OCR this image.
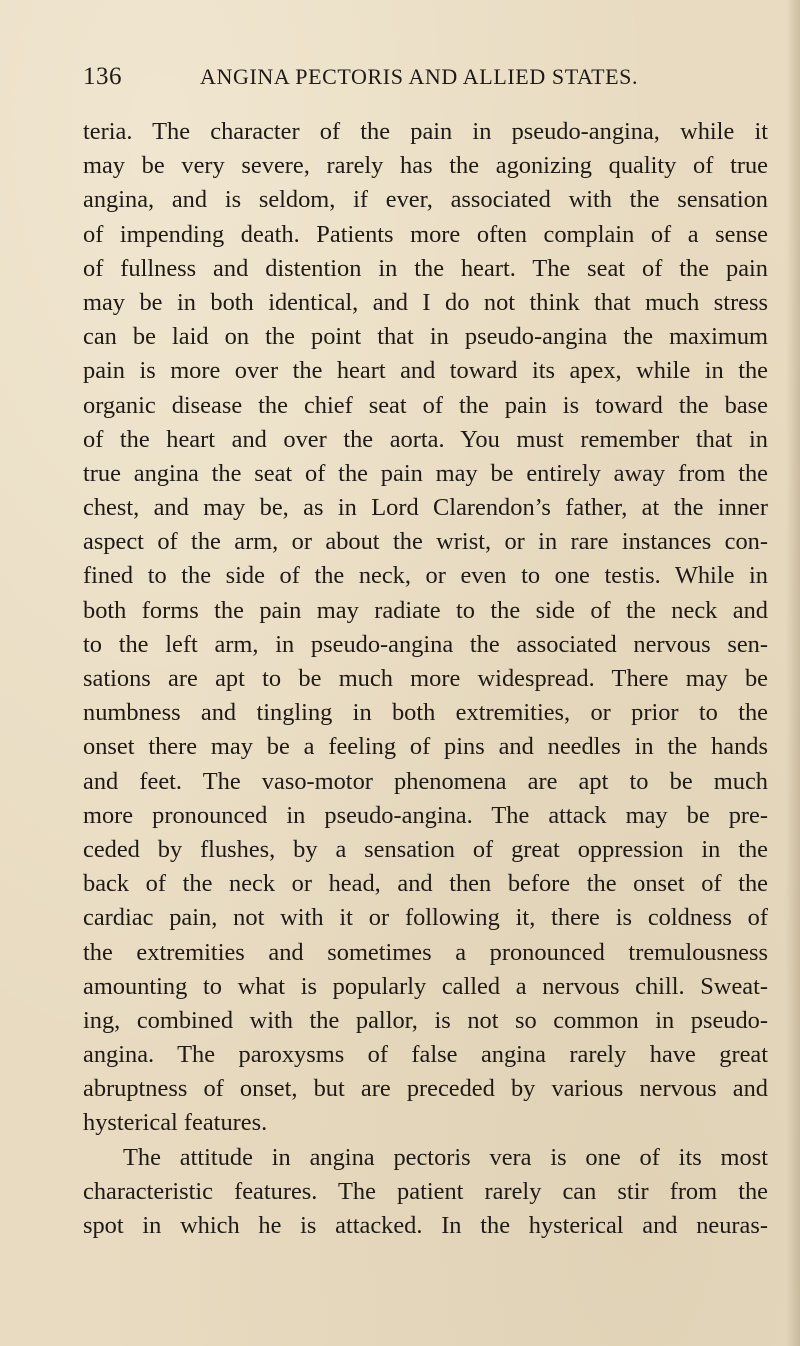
136	ANGINA PECTORIS AND ALLIED STATES.
teria. The character of the pain in pseudo-angina, while it
may be very severe, rarely has the agonizing quality of true
angina, and is seldom, if ever, associated with the sensation
of impending death. Patients more often complain of a sense
of fullness and distention in the heart. The seat of the pain
may be in both identical, and I do not think that much stress
can be laid on the point that in pseudo-angina the maximum
pain is more over the heart and toward its apex, while in the
organic disease the chief seat of the pain is toward the base
of the heart and over the aorta. You must remember that in
true angina the seat of the pain may be entirely away from the
chest, and may be, as in Lord Clarendon’s father, at the inner
aspect of the arm, or about the wrist, or in rare instances con-
fined to the side of the neck, or even to one testis. While in
both forms the pain may radiate to the side of the neck and
to the left arm, in pseudo-angina the associated nervous sen-
sations are apt to be much more widespread. There may be
numbness and tingling in both extremities, or prior to the
onset there may be a feeling of pins and needles in the hands
and feet. The vaso-motor phenomena are apt to be much
more pronounced in pseudo-angina. The attack may be pre-
ceded by flushes, by a sensation of great oppression in the
back of the neck or head, and then before the onset of the
cardiac pain, not with it or following it, there is coldness of
the extremities and sometimes a pronounced tremulousness
amounting to what is popularly called a nervous chill. Sweat-
ing, combined with the pallor, is not so common in pseudo-
angina. The paroxysms of false angina rarely have great
abruptness of onset, but are preceded by various nervous and
hysterical features.
The attitude in angina pectoris vera is one of its most
characteristic features. The patient rarely can stir from the
spot in which he is attacked. In the hysterical and neuras-
